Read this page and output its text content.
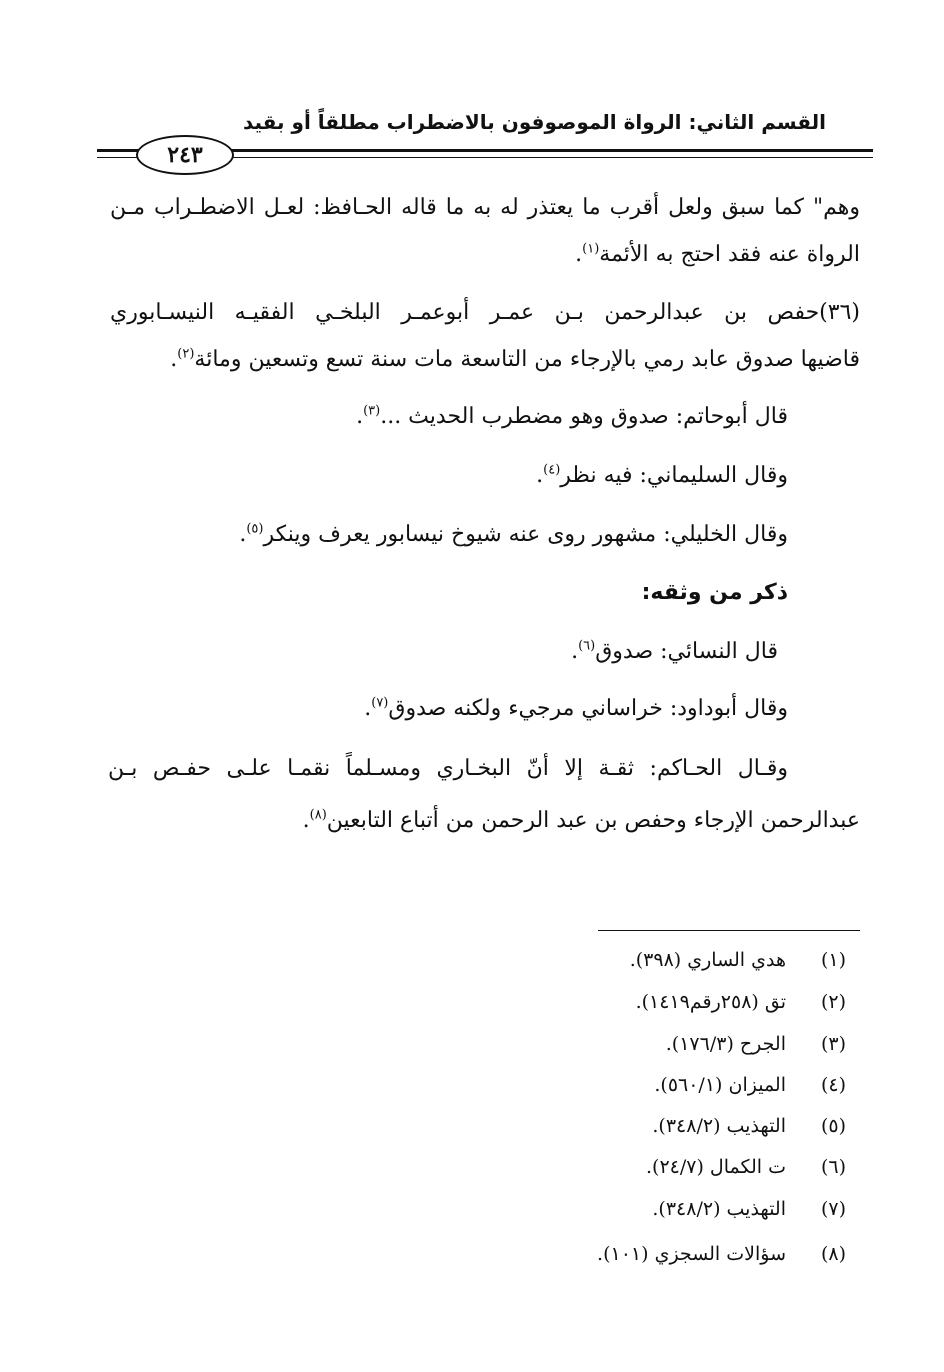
القسم الثاني: الرواة الموصوفون بالاضطراب مطلقاً أو بقيد
٢٤٣
وهم" كما سبق ولعل أقرب ما يعتذر له به ما قاله الحـافظ: لعـل الاضطـراب مـن
الرواة عنه فقد احتج به الأئمة$^{(١)}$.
(٣٦)حفص بن عبدالرحمن بـن عمـر أبوعمـر البلخـي الفقيـه النيسـابوري
قاضيها صدوق عابد رمي بالإرجاء من التاسعة مات سنة تسع وتسعين ومائة$^{(٢)}$.
قال أبوحاتم: صدوق وهو مضطرب الحديث ...$^{(٣)}$.
وقال السليماني: فيه نظر$^{(٤)}$.
وقال الخليلي: مشهور روى عنه شيوخ نيسابور يعرف وينكر$^{(٥)}$.
ذكر من وثقه:
قال النسائي: صدوق$^{(٦)}$.
وقال أبوداود: خراساني مرجيء ولكنه صدوق$^{(٧)}$.
وقـال الحـاكم: ثقـة إلا أنّ البخـاري ومسـلماً نقمـا علـى حفـص بـن
عبدالرحمن الإرجاء وحفص بن عبد الرحمن من أتباع التابعين$^{(٨)}$.
(١)هدي الساري (٣٩٨).
(٢)تق (٢٥٨رقم١٤١٩).
(٣)الجرح (١٧٦/٣).
(٤)الميزان (٥٦٠/١).
(٥)التهذيب (٣٤٨/٢).
(٦)ت الكمال (٢٤/٧).
(٧)التهذيب (٣٤٨/٢).
(٨)سؤالات السجزي (١٠١).
